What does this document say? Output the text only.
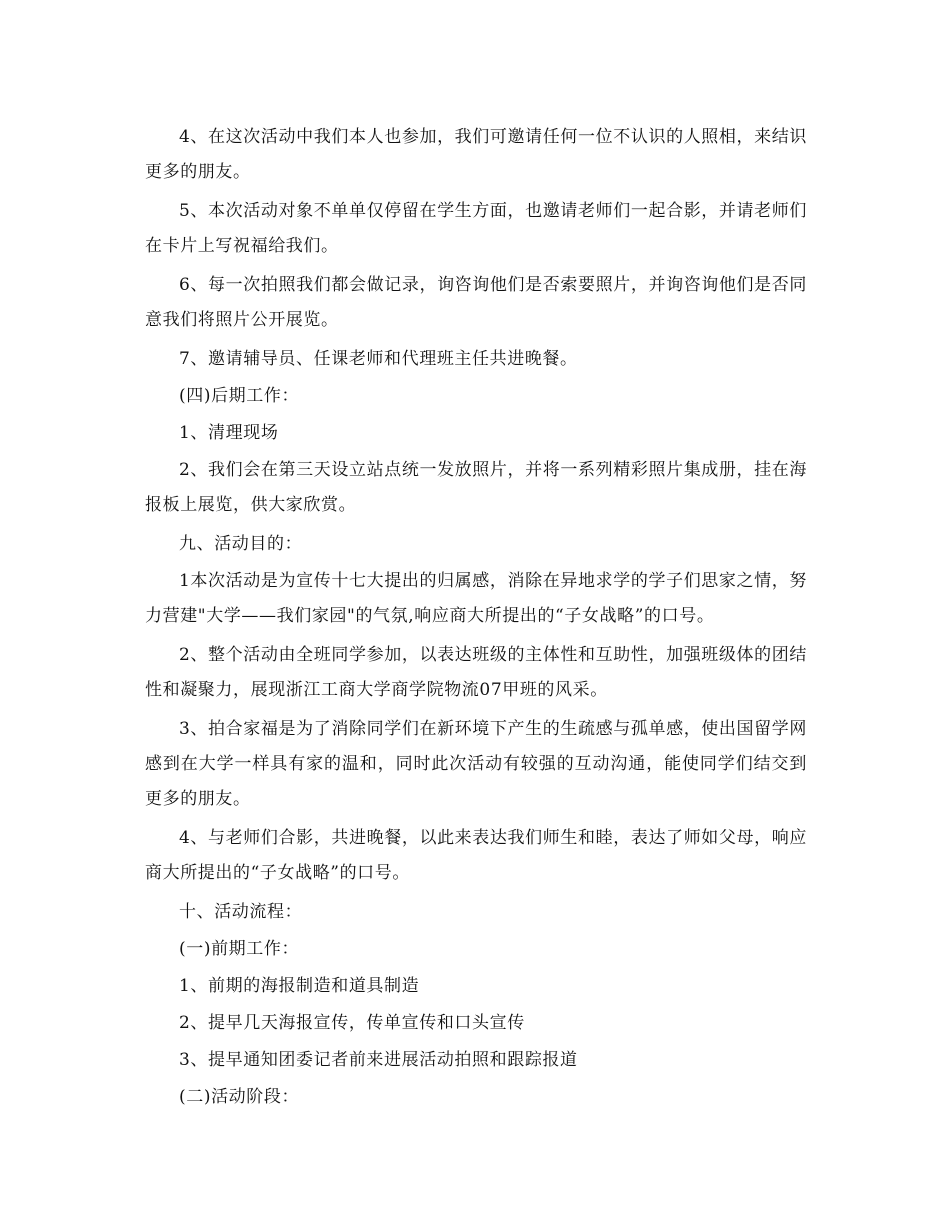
4、在这次活动中我们本人也参加，我们可邀请任何一位不认识的人照相，来结识更多的朋友。

5、本次活动对象不单单仅停留在学生方面，也邀请老师们一起合影，并请老师们在卡片上写祝福给我们。

6、每一次拍照我们都会做记录，询咨询他们是否索要照片，并询咨询他们是否同意我们将照片公开展览。

7、邀请辅导员、任课老师和代理班主任共进晚餐。

(四)后期工作：

1、清理现场

2、我们会在第三天设立站点统一发放照片，并将一系列精彩照片集成册，挂在海报板上展览，供大家欣赏。

九、活动目的：

1本次活动是为宣传十七大提出的归属感，消除在异地求学的学子们思家之情，努力营建"大学——我们家园"的气氛,响应商大所提出的“子女战略”的口号。

2、整个活动由全班同学参加，以表达班级的主体性和互助性，加强班级体的团结性和凝聚力，展现浙江工商大学商学院物流07甲班的风采。

3、拍合家福是为了消除同学们在新环境下产生的生疏感与孤单感，使出国留学网感到在大学一样具有家的温和，同时此次活动有较强的互动沟通，能使同学们结交到更多的朋友。

4、与老师们合影，共进晚餐，以此来表达我们师生和睦，表达了师如父母，响应商大所提出的“子女战略”的口号。

十、活动流程：

(一)前期工作：

1、前期的海报制造和道具制造

2、提早几天海报宣传，传单宣传和口头宣传

3、提早通知团委记者前来进展活动拍照和跟踪报道

(二)活动阶段：
